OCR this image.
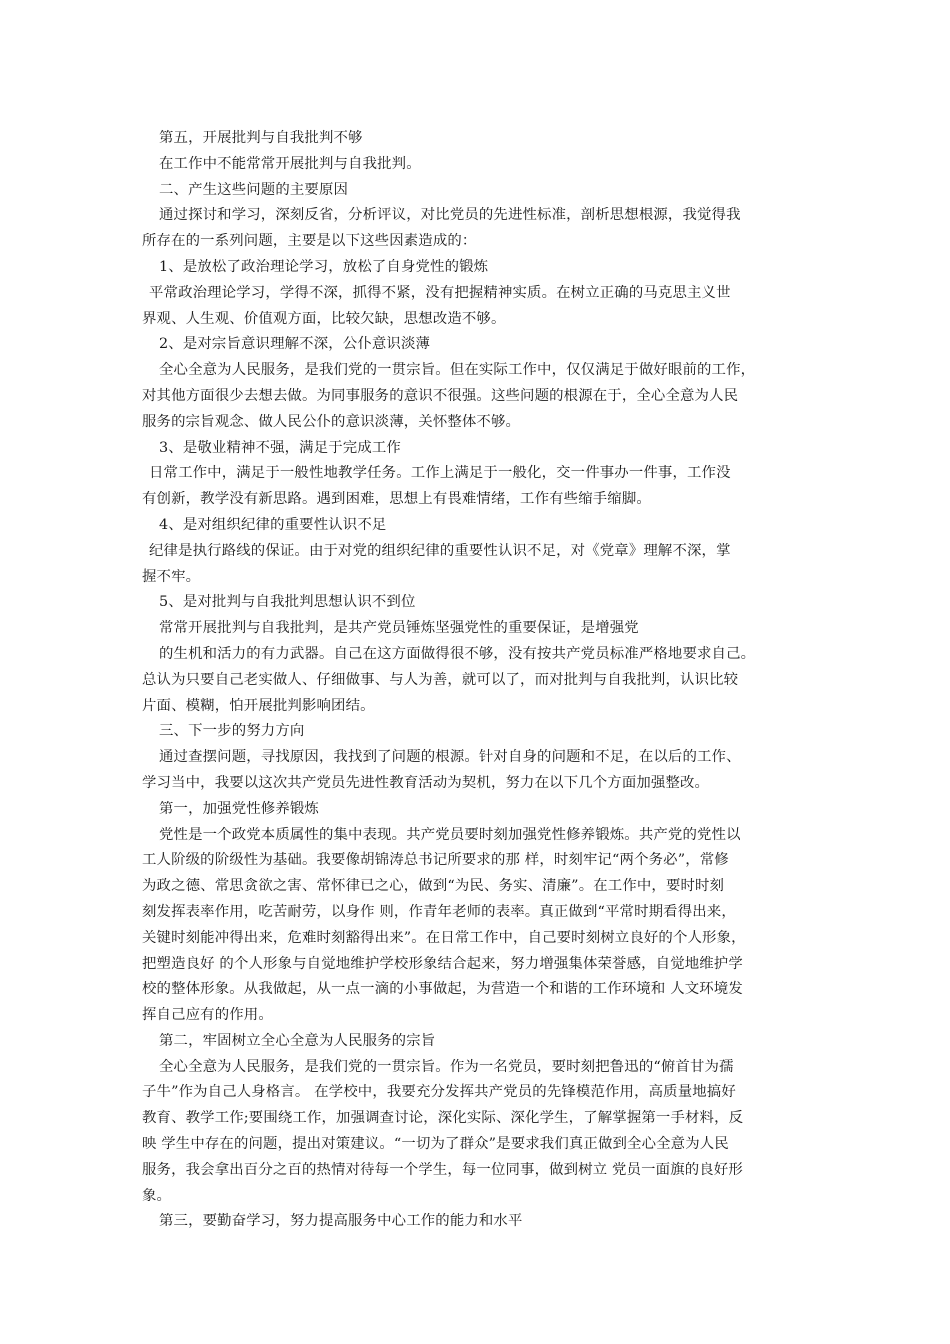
第五，开展批判与自我批判不够
在工作中不能常常开展批判与自我批判。
二、产生这些问题的主要原因
通过探讨和学习，深刻反省，分析评议，对比党员的先进性标准，剖析思想根源，我觉得我
所存在的一系列问题，主要是以下这些因素造成的：
1、是放松了政治理论学习，放松了自身党性的锻炼
平常政治理论学习，学得不深，抓得不紧，没有把握精神实质。在树立正确的马克思主义世
界观、人生观、价值观方面，比较欠缺，思想改造不够。
2、是对宗旨意识理解不深，公仆意识淡薄
全心全意为人民服务，是我们党的一贯宗旨。但在实际工作中，仅仅满足于做好眼前的工作，
对其他方面很少去想去做。为同事服务的意识不很强。这些问题的根源在于，全心全意为人民
服务的宗旨观念、做人民公仆的意识淡薄，关怀整体不够。
3、是敬业精神不强，满足于完成工作
日常工作中，满足于一般性地教学任务。工作上满足于一般化，交一件事办一件事，工作没
有创新，教学没有新思路。遇到困难，思想上有畏难情绪，工作有些缩手缩脚。
4、是对组织纪律的重要性认识不足
纪律是执行路线的保证。由于对党的组织纪律的重要性认识不足，对《党章》理解不深，掌
握不牢。
5、是对批判与自我批判思想认识不到位
常常开展批判与自我批判，是共产党员锤炼坚强党性的重要保证，是增强党
的生机和活力的有力武器。自己在这方面做得很不够，没有按共产党员标准严格地要求自己。
总认为只要自己老实做人、仔细做事、与人为善，就可以了，而对批判与自我批判，认识比较
片面、模糊，怕开展批判影响团结。
三、下一步的努力方向
通过查摆问题，寻找原因，我找到了问题的根源。针对自身的问题和不足，在以后的工作、
学习当中，我要以这次共产党员先进性教育活动为契机，努力在以下几个方面加强整改。
第一，加强党性修养锻炼
党性是一个政党本质属性的集中表现。共产党员要时刻加强党性修养锻炼。共产党的党性以
工人阶级的阶级性为基础。我要像胡锦涛总书记所要求的那 样，时刻牢记“两个务必”，常修
为政之德、常思贪欲之害、常怀律已之心，做到“为民、务实、清廉”。在工作中，要时时刻
刻发挥表率作用，吃苦耐劳，以身作 则，作青年老师的表率。真正做到“平常时期看得出来，
关键时刻能冲得出来，危难时刻豁得出来”。在日常工作中，自己要时刻树立良好的个人形象，
把塑造良好 的个人形象与自觉地维护学校形象结合起来，努力增强集体荣誉感，自觉地维护学
校的整体形象。从我做起，从一点一滴的小事做起，为营造一个和谐的工作环境和 人文环境发
挥自己应有的作用。
第二，牢固树立全心全意为人民服务的宗旨
全心全意为人民服务，是我们党的一贯宗旨。作为一名党员，要时刻把鲁迅的“俯首甘为孺
子牛”作为自己人身格言。 在学校中，我要充分发挥共产党员的先锋模范作用，高质量地搞好
教育、教学工作;要围绕工作，加强调查讨论，深化实际、深化学生，了解掌握第一手材料，反
映 学生中存在的问题，提出对策建议。“一切为了群众”是要求我们真正做到全心全意为人民
服务，我会拿出百分之百的热情对待每一个学生，每一位同事，做到树立 党员一面旗的良好形
象。
第三，要勤奋学习，努力提高服务中心工作的能力和水平
